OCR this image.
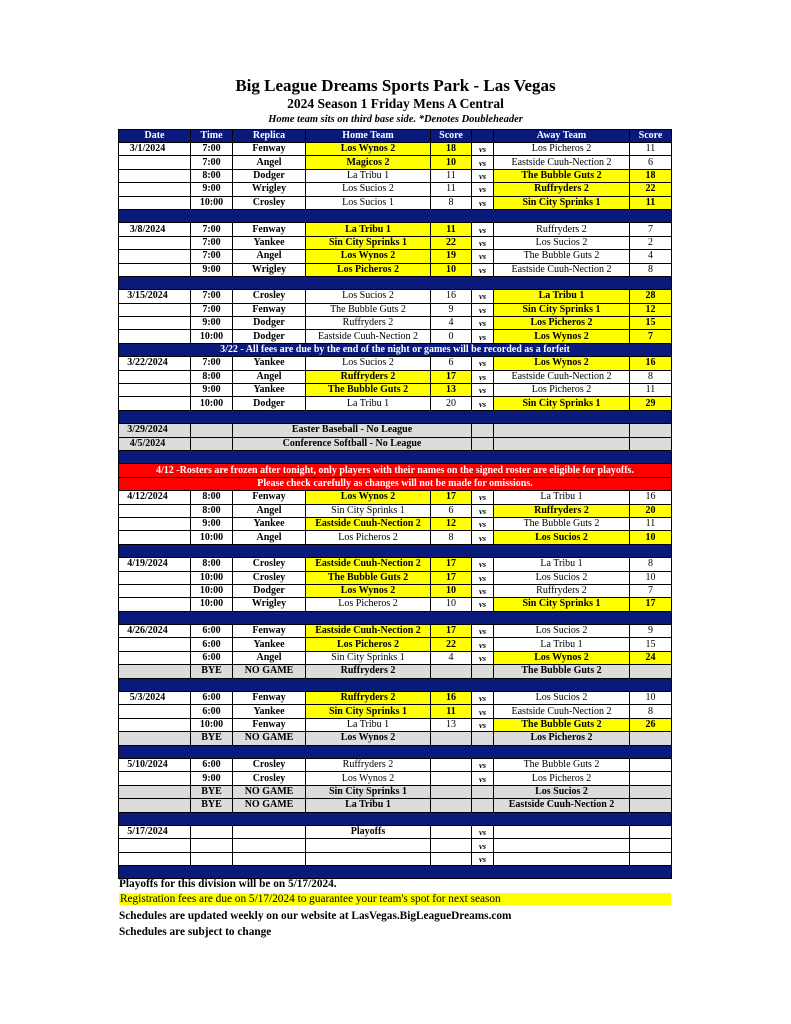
Big League Dreams Sports Park - Las Vegas
2024 Season 1 Friday Mens A Central
Home team sits on third base side. *Denotes Doubleheader
Date	Time	Replica	Home Team	Score		Away Team	Score
3/1/2024	7:00	Fenway	Los Wynos 2	18	vs	Los Picheros 2	11
	7:00	Angel	Magicos 2	10	vs	Eastside Cuuh-Nection 2	6
	8:00	Dodger	La Tribu 1	11	vs	The Bubble Guts 2	18
	9:00	Wrigley	Los Sucios 2	11	vs	Ruffryders 2	22
	10:00	Crosley	Los Sucios 1	8	vs	Sin City Sprinks 1	11

3/8/2024	7:00	Fenway	La Tribu 1	11	vs	Ruffryders 2	7
	7:00	Yankee	Sin City Sprinks 1	22	vs	Los Sucios 2	2
	7:00	Angel	Los Wynos 2	19	vs	The Bubble Guts 2	4
	9:00	Wrigley	Los Picheros 2	10	vs	Eastside Cuuh-Nection 2	8

3/15/2024	7:00	Crosley	Los Sucios 2	16	vs	La Tribu 1	28
	7:00	Fenway	The Bubble Guts 2	9	vs	Sin City Sprinks 1	12
	9:00	Dodger	Ruffryders 2	4	vs	Los Picheros 2	15
	10:00	Dodger	Eastside Cuuh-Nection 2	0	vs	Los Wynos 2	7
3/22 - All fees are due by the end of the night or games will be recorded as a forfeit							
3/22/2024	7:00	Yankee	Los Sucios 2	6	vs	Los Wynos 2	16
	8:00	Angel	Ruffryders 2	17	vs	Eastside Cuuh-Nection 2	8
	9:00	Yankee	The Bubble Guts 2	13	vs	Los Picheros 2	11
	10:00	Dodger	La Tribu 1	20	vs	Sin City Sprinks 1	29

3/29/2024		Easter Baseball - No League					
4/5/2024		Conference Softball - No League					

4/12 -Rosters are frozen after tonight, only players with their names on the signed roster are eligible for playoffs.							
Please check carefully as changes will not be made for omissions.							
4/12/2024	8:00	Fenway	Los Wynos 2	17	vs	La Tribu 1	16
	8:00	Angel	Sin City Sprinks 1	6	vs	Ruffryders 2	20
	9:00	Yankee	Eastside Cuuh-Nection 2	12	vs	The Bubble Guts 2	11
	10:00	Angel	Los Picheros 2	8	vs	Los Sucios 2	10

4/19/2024	8:00	Crosley	Eastside Cuuh-Nection 2	17	vs	La Tribu 1	8
	10:00	Crosley	The Bubble Guts 2	17	vs	Los Sucios 2	10
	10:00	Dodger	Los Wynos 2	10	vs	Ruffryders 2	7
	10:00	Wrigley	Los Picheros 2	10	vs	Sin City Sprinks 1	17

4/26/2024	6:00	Fenway	Eastside Cuuh-Nection 2	17	vs	Los Sucios 2	9
	6:00	Yankee	Los Picheros 2	22	vs	La Tribu 1	15
	6:00	Angel	Sin City Sprinks 1	4	vs	Los Wynos 2	24
	BYE	NO GAME	Ruffryders 2			The Bubble Guts 2	

5/3/2024	6:00	Fenway	Ruffryders 2	16	vs	Los Sucios 2	10
	6:00	Yankee	Sin City Sprinks 1	11	vs	Eastside Cuuh-Nection 2	8
	10:00	Fenway	La Tribu 1	13	vs	The Bubble Guts 2	26
	BYE	NO GAME	Los Wynos 2			Los Picheros 2	

5/10/2024	6:00	Crosley	Ruffryders 2		vs	The Bubble Guts 2	
	9:00	Crosley	Los Wynos 2		vs	Los Picheros 2	
	BYE	NO GAME	Sin City Sprinks 1			Los Sucios 2	
	BYE	NO GAME	La Tribu 1			Eastside Cuuh-Nection 2	

5/17/2024			Playoffs		vs		
					vs		
					vs		

Playoffs for this division will be on 5/17/2024.
Registration fees are due on 5/17/2024 to guarantee your team's spot for next season
Schedules are updated weekly on our website at LasVegas.BigLeagueDreams.com
Schedules are subject to change
